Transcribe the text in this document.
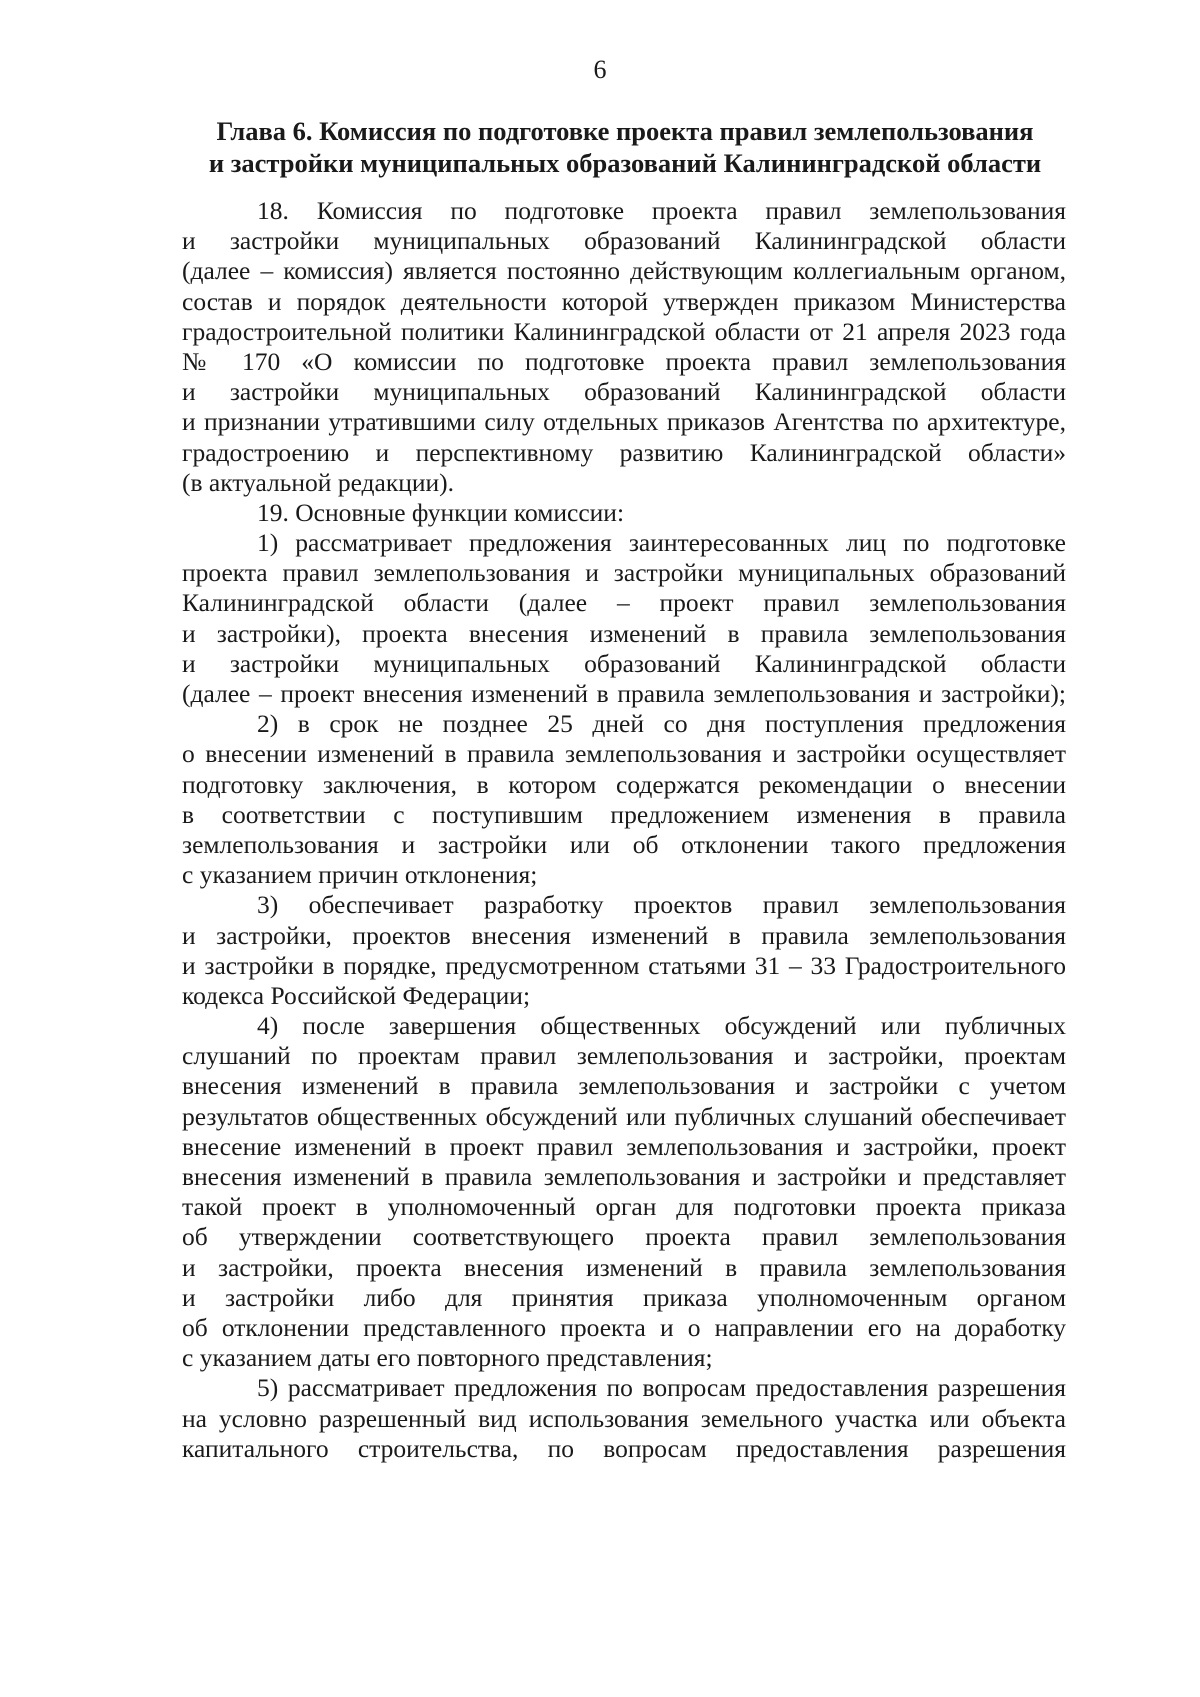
6
Глава 6. Комиссия по подготовке проекта правил землепользования
и застройки муниципальных образований Калининградской области
18. Комиссия по подготовке проекта правил землепользования
и застройки муниципальных образований Калининградской области
(далее – комиссия) является постоянно действующим коллегиальным органом,
состав и порядок деятельности которой утвержден приказом Министерства
градостроительной политики Калининградской области от 21 апреля 2023 года
№ 170 «О комиссии по подготовке проекта правил землепользования
и застройки муниципальных образований Калининградской области
и признании утратившими силу отдельных приказов Агентства по архитектуре,
градостроению и перспективному развитию Калининградской области»
(в актуальной редакции).
19. Основные функции комиссии:
1) рассматривает предложения заинтересованных лиц по подготовке
проекта правил землепользования и застройки муниципальных образований
Калининградской области (далее – проект правил землепользования
и застройки), проекта внесения изменений в правила землепользования
и застройки муниципальных образований Калининградской области
(далее – проект внесения изменений в правила землепользования и застройки);
2) в срок не позднее 25 дней со дня поступления предложения
о внесении изменений в правила землепользования и застройки осуществляет
подготовку заключения, в котором содержатся рекомендации о внесении
в соответствии с поступившим предложением изменения в правила
землепользования и застройки или об отклонении такого предложения
с указанием причин отклонения;
3) обеспечивает разработку проектов правил землепользования
и застройки, проектов внесения изменений в правила землепользования
и застройки в порядке, предусмотренном статьями 31 – 33 Градостроительного
кодекса Российской Федерации;
4) после завершения общественных обсуждений или публичных
слушаний по проектам правил землепользования и застройки, проектам
внесения изменений в правила землепользования и застройки с учетом
результатов общественных обсуждений или публичных слушаний обеспечивает
внесение изменений в проект правил землепользования и застройки, проект
внесения изменений в правила землепользования и застройки и представляет
такой проект в уполномоченный орган для подготовки проекта приказа
об утверждении соответствующего проекта правил землепользования
и застройки, проекта внесения изменений в правила землепользования
и застройки либо для принятия приказа уполномоченным органом
об отклонении представленного проекта и о направлении его на доработку
с указанием даты его повторного представления;
5) рассматривает предложения по вопросам предоставления разрешения
на условно разрешенный вид использования земельного участка или объекта
капитального строительства, по вопросам предоставления разрешения
